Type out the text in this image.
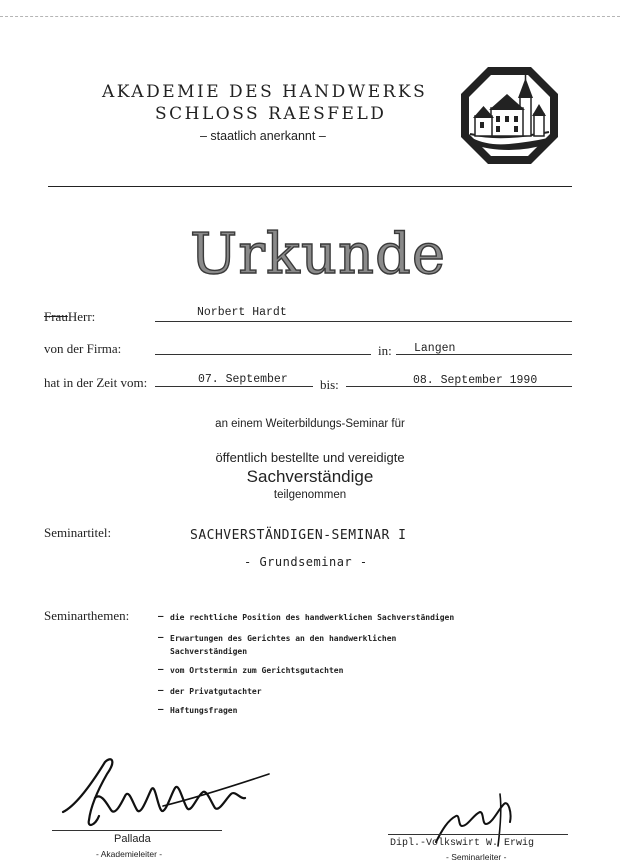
AKADEMIE DES HANDWERKS
SCHLOSS RAESFELD
– staatlich anerkannt –
Urkunde
FrauHerr:	Norbert Hardt
von der Firma:	in: Langen
hat in der Zeit vom:	07. September bis:	08. September 1990
an einem Weiterbildungs-Seminar für
öffentlich bestellte und vereidigte
Sachverständige
teilgenommen
Seminartitel:	SACHVERSTÄNDIGEN-SEMINAR I
- Grundseminar -
Seminarthemen:	– die rechtliche Position des handwerklichen Sachverständigen
– Erwartungen des Gerichtes an den handwerklichen
Sachverständigen
– vom Ortstermin zum Gerichtsgutachten
– der Privatgutachter
– Haftungsfragen
Pallada
- Akademieleiter -
Dipl.-Volkswirt W. Erwig
- Seminarleiter -
